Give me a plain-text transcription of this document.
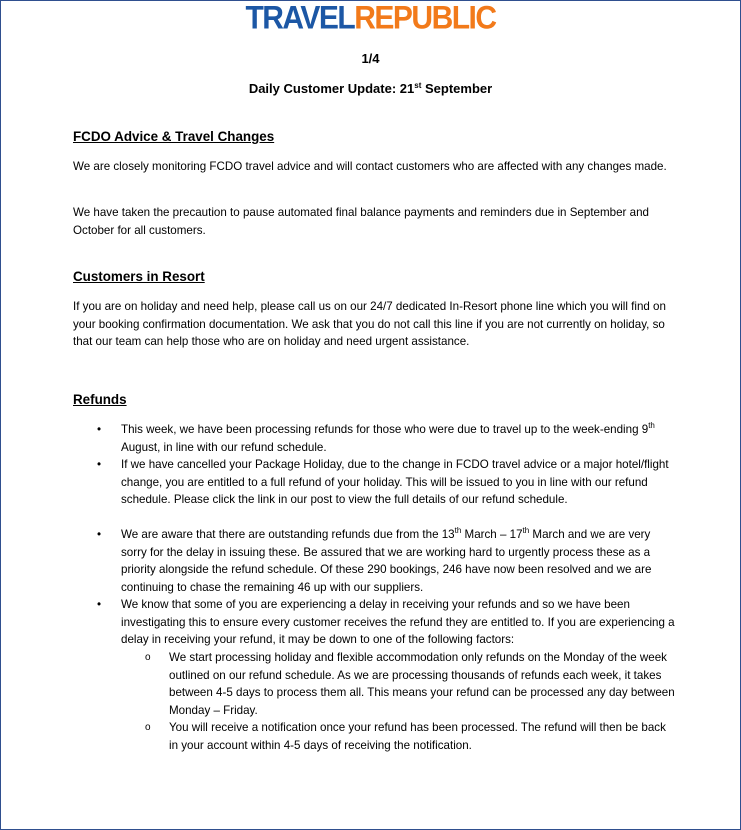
TRAVELREPUBLIC
1/4
Daily Customer Update: 21st September
FCDO Advice & Travel Changes
We are closely monitoring FCDO travel advice and will contact customers who are affected with any changes made.
We have taken the precaution to pause automated final balance payments and reminders due in September and October for all customers.
Customers in Resort
If you are on holiday and need help, please call us on our 24/7 dedicated In-Resort phone line which you will find on your booking confirmation documentation. We ask that you do not call this line if you are not currently on holiday, so that our team can help those who are on holiday and need urgent assistance.
Refunds
• This week, we have been processing refunds for those who were due to travel up to the week-ending 9th August, in line with our refund schedule.
• If we have cancelled your Package Holiday, due to the change in FCDO travel advice or a major hotel/flight change, you are entitled to a full refund of your holiday. This will be issued to you in line with our refund schedule. Please click the link in our post to view the full details of our refund schedule.
• We are aware that there are outstanding refunds due from the 13th March – 17th March and we are very sorry for the delay in issuing these. Be assured that we are working hard to urgently process these as a priority alongside the refund schedule. Of these 290 bookings, 246 have now been resolved and we are continuing to chase the remaining 46 up with our suppliers.
• We know that some of you are experiencing a delay in receiving your refunds and so we have been investigating this to ensure every customer receives the refund they are entitled to. If you are experiencing a delay in receiving your refund, it may be down to one of the following factors:
o We start processing holiday and flexible accommodation only refunds on the Monday of the week outlined on our refund schedule. As we are processing thousands of refunds each week, it takes between 4-5 days to process them all. This means your refund can be processed any day between Monday – Friday.
o You will receive a notification once your refund has been processed. The refund will then be back in your account within 4-5 days of receiving the notification.
